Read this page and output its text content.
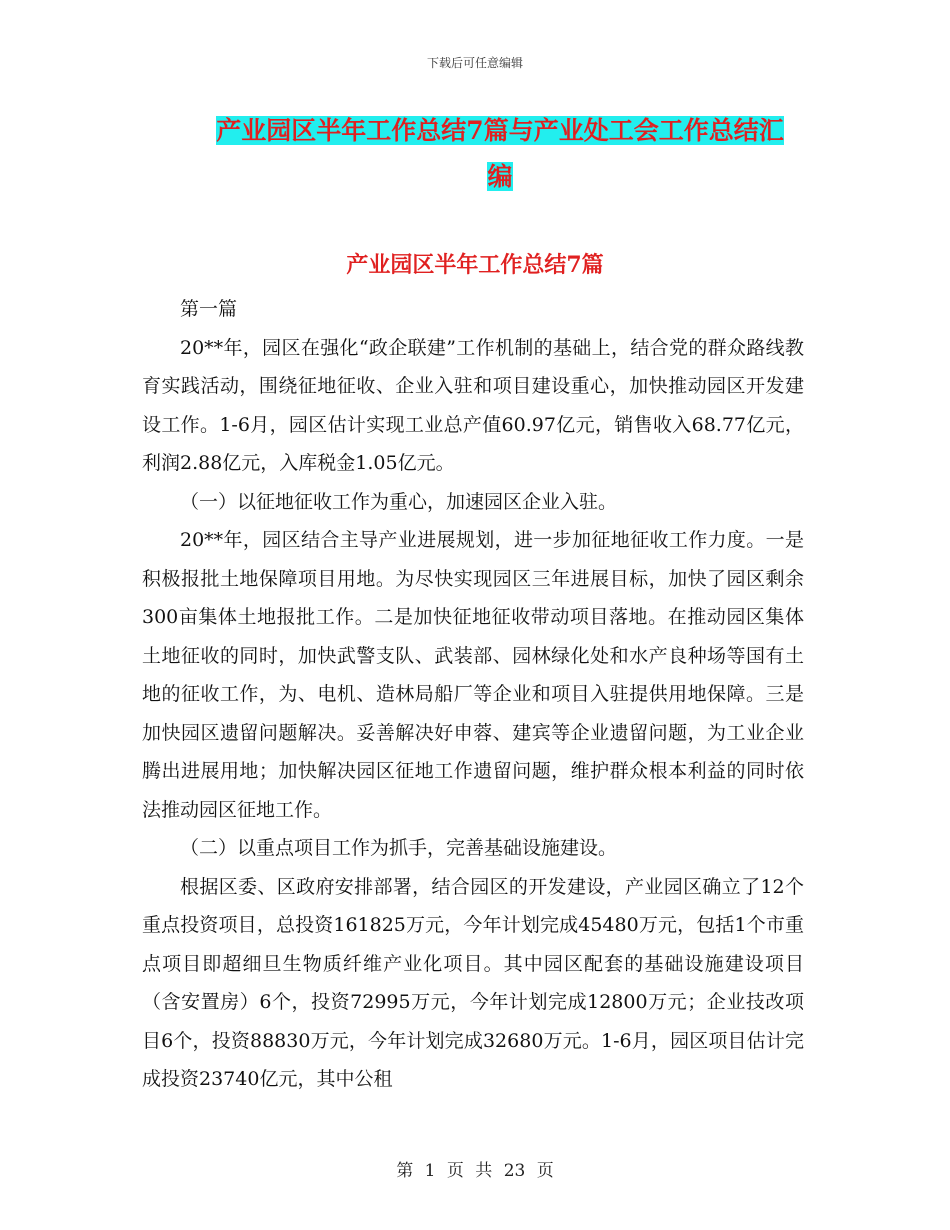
下载后可任意编辑
产业园区半年工作总结7篇与产业处工会工作总结汇
编
产业园区半年工作总结7篇

第一篇

20**年，园区在强化“政企联建”工作机制的基础上，结合党的群众路线教育实践活动，围绕征地征收、企业入驻和项目建设重心，加快推动园区开发建设工作。1-6月，园区估计实现工业总产值60.97亿元，销售收入68.77亿元，利润2.88亿元，入库税金1.05亿元。

（一）以征地征收工作为重心，加速园区企业入驻。

20**年，园区结合主导产业进展规划，进一步加征地征收工作力度。一是积极报批土地保障项目用地。为尽快实现园区三年进展目标，加快了园区剩余300亩集体土地报批工作。二是加快征地征收带动项目落地。在推动园区集体土地征收的同时，加快武警支队、武装部、园林绿化处和水产良种场等国有土地的征收工作，为、电机、造林局船厂等企业和项目入驻提供用地保障。三是加快园区遗留问题解决。妥善解决好申蓉、建宾等企业遗留问题，为工业企业腾出进展用地；加快解决园区征地工作遗留问题，维护群众根本利益的同时依法推动园区征地工作。

（二）以重点项目工作为抓手，完善基础设施建设。

根据区委、区政府安排部署，结合园区的开发建设，产业园区确立了12个重点投资项目，总投资161825万元，今年计划完成45480万元，包括1个市重点项目即超细旦生物质纤维产业化项目。其中园区配套的基础设施建设项目（含安置房）6个，投资72995万元，今年计划完成12800万元；企业技改项目6个，投资88830万元，今年计划完成32680万元。1-6月，园区项目估计完成投资23740亿元，其中公租

第 1 页 共 23 页
